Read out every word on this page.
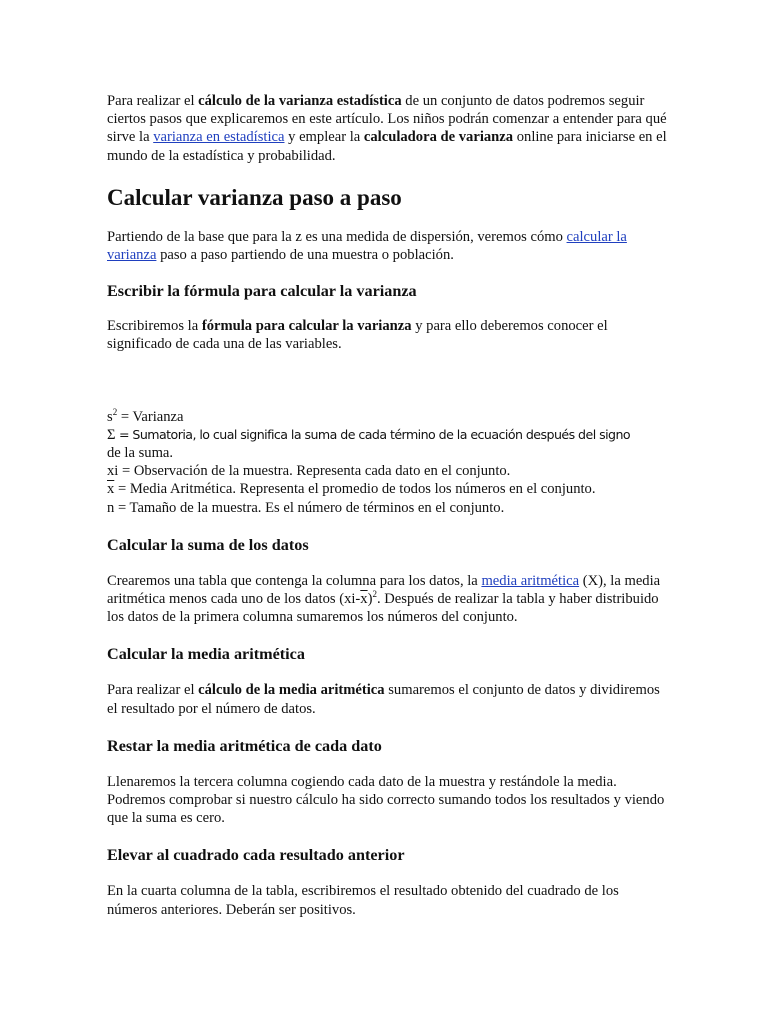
Para realizar el cálculo de la varianza estadística de un conjunto de datos podremos seguir ciertos pasos que explicaremos en este artículo. Los niños podrán comenzar a entender para qué sirve la varianza en estadística y emplear la calculadora de varianza online para iniciarse en el mundo de la estadística y probabilidad.

Calcular varianza paso a paso

Partiendo de la base que para la z es una medida de dispersión, veremos cómo calcular la varianza paso a paso partiendo de una muestra o población.

Escribir la fórmula para calcular la varianza

Escribiremos la fórmula para calcular la varianza y para ello deberemos conocer el significado de cada una de las variables.

$s^2$ = Varianza

Σ = Sumatoria, lo cual significa la suma de cada término de la ecuación después del signo

de la suma.

xi = Observación de la muestra. Representa cada dato en el conjunto.

$\overline{x}$ = Media Aritmética. Representa el promedio de todos los números en el conjunto.

n = Tamaño de la muestra. Es el número de términos en el conjunto.

Calcular la suma de los datos

Crearemos una tabla que contenga la columna para los datos, la media aritmética (X), la media aritmética menos cada uno de los datos $(xi-\overline{x})^2$. Después de realizar la tabla y haber distribuido los datos de la primera columna sumaremos los números del conjunto.

Calcular la media aritmética

Para realizar el cálculo de la media aritmética sumaremos el conjunto de datos y dividiremos el resultado por el número de datos.

Restar la media aritmética de cada dato

Llenaremos la tercera columna cogiendo cada dato de la muestra y restándole la media. Podremos comprobar si nuestro cálculo ha sido correcto sumando todos los resultados y viendo que la suma es cero.

Elevar al cuadrado cada resultado anterior

En la cuarta columna de la tabla, escribiremos el resultado obtenido del cuadrado de los números anteriores. Deberán ser positivos.
